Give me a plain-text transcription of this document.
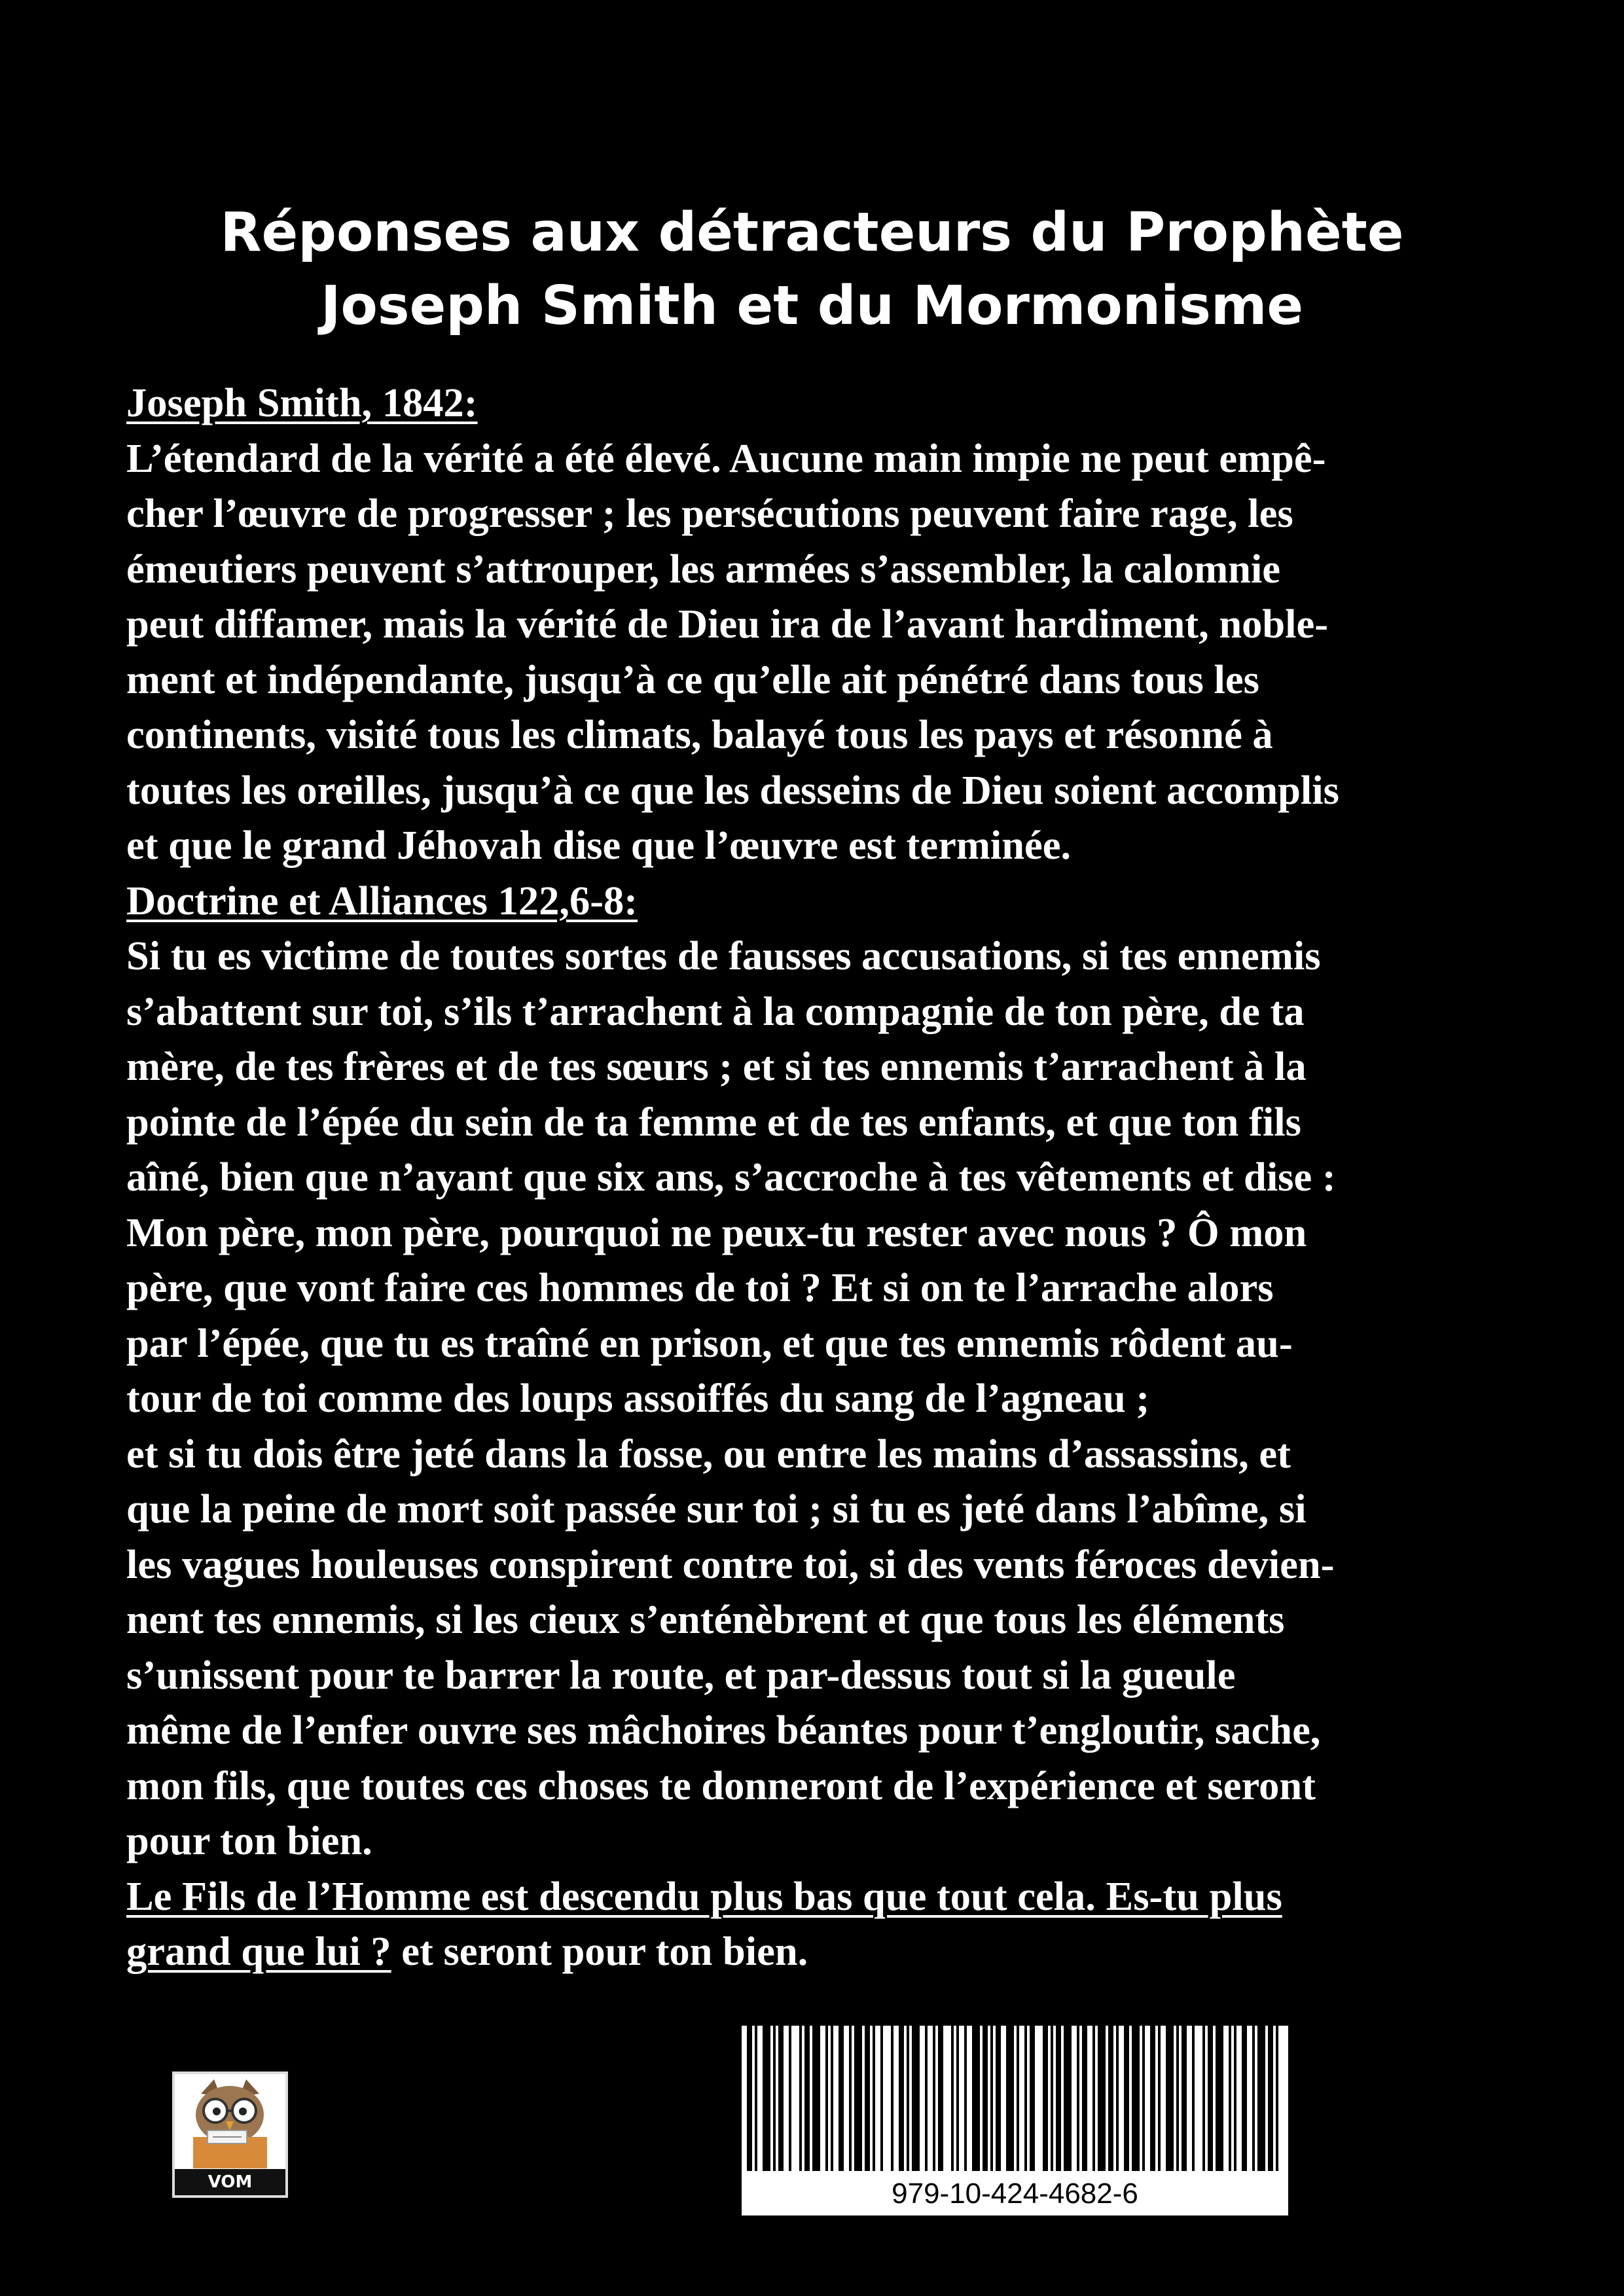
Réponses aux détracteurs du Prophète
Joseph Smith et du Mormonisme
Joseph Smith, 1842:
L’étendard de la vérité a été élevé. Aucune main impie ne peut empê-
cher l’œuvre de progresser ; les persécutions peuvent faire rage, les
émeutiers peuvent s’attrouper, les armées s’assembler, la calomnie
peut diffamer, mais la vérité de Dieu ira de l’avant hardiment, noble-
ment et indépendante, jusqu’à ce qu’elle ait pénétré dans tous les
continents, visité tous les climats, balayé tous les pays et résonné à
toutes les oreilles, jusqu’à ce que les desseins de Dieu soient accomplis
et que le grand Jéhovah dise que l’œuvre est terminée.
Doctrine et Alliances 122,6-8:
Si tu es victime de toutes sortes de fausses accusations, si tes ennemis
s’abattent sur toi, s’ils t’arrachent à la compagnie de ton père, de ta
mère, de tes frères et de tes sœurs ; et si tes ennemis t’arrachent à la
pointe de l’épée du sein de ta femme et de tes enfants, et que ton fils
aîné, bien que n’ayant que six ans, s’accroche à tes vêtements et dise :
Mon père, mon père, pourquoi ne peux-tu rester avec nous ? Ô mon
père, que vont faire ces hommes de toi ? Et si on te l’arrache alors
par l’épée, que tu es traîné en prison, et que tes ennemis rôdent au-
tour de toi comme des loups assoiffés du sang de l’agneau ;
et si tu dois être jeté dans la fosse, ou entre les mains d’assassins, et
que la peine de mort soit passée sur toi ; si tu es jeté dans l’abîme, si
les vagues houleuses conspirent contre toi, si des vents féroces devien-
nent tes ennemis, si les cieux s’enténèbrent et que tous les éléments
s’unissent pour te barrer la route, et par-dessus tout si la gueule
même de l’enfer ouvre ses mâchoires béantes pour t’engloutir, sache,
mon fils, que toutes ces choses te donneront de l’expérience et seront
pour ton bien.
Le Fils de l’Homme est descendu plus bas que tout cela. Es-tu plus
grand que lui ? et seront pour ton bien.
VOM	979-10-424-4682-6
